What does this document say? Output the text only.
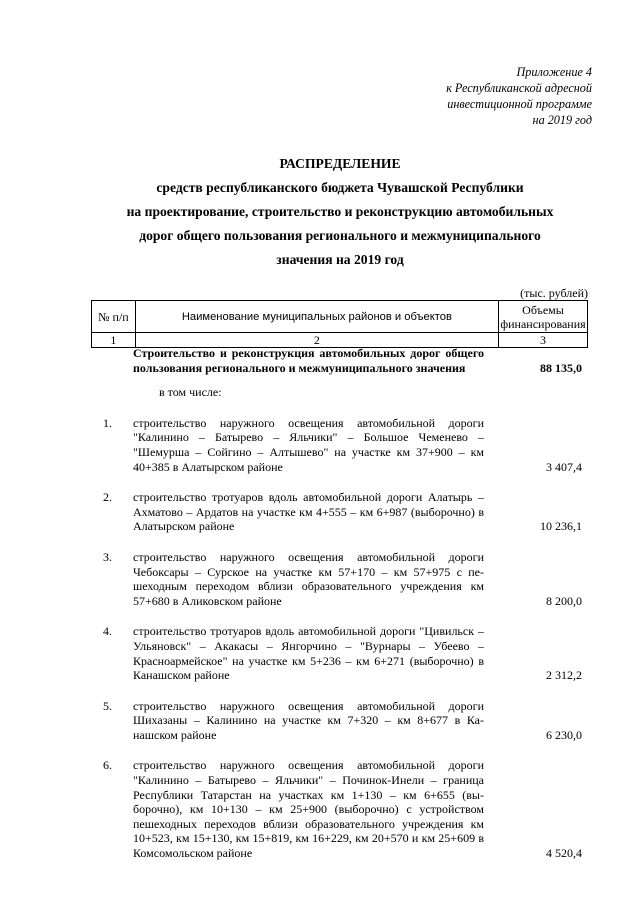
Приложение 4
к Республиканской адресной
инвестиционной программе
на 2019 год
РАСПРЕДЕЛЕНИЕ
средств республиканского бюджета Чувашской Республики
на проектирование, строительство и реконструкцию автомобильных
дорог общего пользования регионального и межмуниципального
значения на 2019 год
(тыс. рублей)
№ п/п	Наименование муниципальных районов и объектов	Объемы финансирования
1	2	3
Строительство и реконструкция автомобильных дорог общего пользования регионального и межмуниципального значения	88 135,0
в том числе:
1. строительство наружного освещения автомобильной дороги "Калинино – Батырево – Яльчики" – Большое Чеменево – "Шемурша – Сойгино – Алтышево" на участке км 37+900 – км 40+385 в Алатырском районе	3 407,4
2. строительство тротуаров вдоль автомобильной дороги Алатырь – Ахматово – Ардатов на участке км 4+555 – км 6+987 (выборочно) в Алатырском районе	10 236,1
3. строительство наружного освещения автомобильной дороги Чебоксары – Сурское на участке км 57+170 – км 57+975 с пешеходным переходом вблизи образовательного учреждения км 57+680 в Аликовском районе	8 200,0
4. строительство тротуаров вдоль автомобильной дороги "Цивильск – Ульяновск" – Акакасы – Янгорчино – "Вурнары – Убеево – Красноармейское" на участке км 5+236 – км 6+271 (выборочно) в Канашском районе	2 312,2
5. строительство наружного освещения автомобильной дороги Шихазаны – Калинино на участке км 7+320 – км 8+677 в Канашском районе	6 230,0
6. строительство наружного освещения автомобильной дороги "Калинино – Батырево – Яльчики" – Починок-Инели – граница Республики Татарстан на участках км 1+130 – км 6+655 (выборочно), км 10+130 – км 25+900 (выборочно) с устройством пешеходных переходов вблизи образовательного учреждения км 10+523, км 15+130, км 15+819, км 16+229, км 20+570 и км 25+609 в Комсомольском районе	4 520,4
